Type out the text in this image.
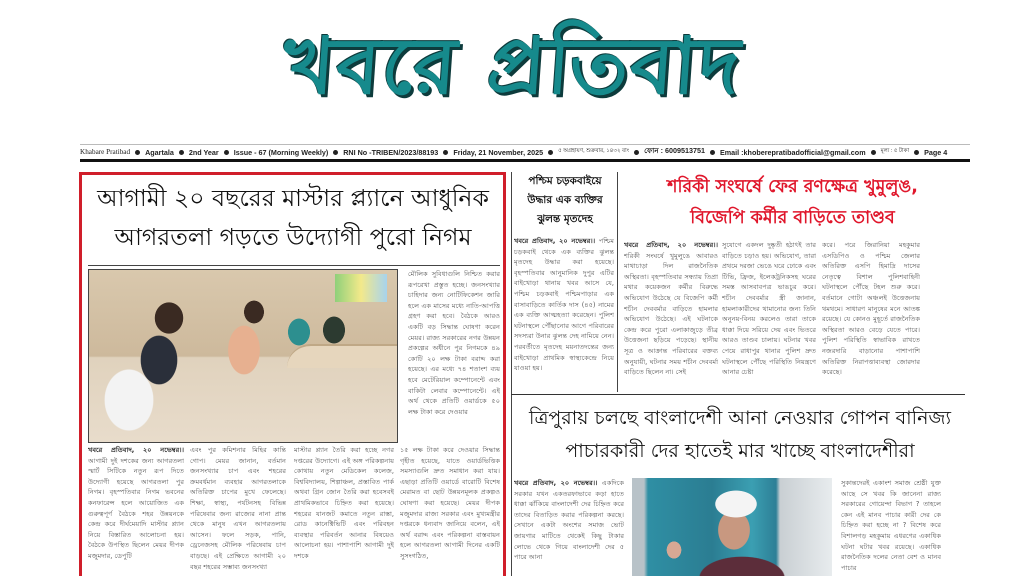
খবরে প্রতিবাদ
Khabare Pratibad Agartala 2nd Year Issue - 67 (Morning Weekly) RNI No -TRIBEN/2023/88193 Friday, 21 November, 2025	৫ অগ্রহায়ণ, শুক্রবার, ১৪৩২ বাং ফোন : 6009513751 Email :khoberepratibadofficial@gmail.com	মূল্য : ৫ টাকা Page 4
আগামী ২০ বছরের মাস্টার প্ল্যানে আধুনিক
আগরতলা গড়তে উদ্যোগী পুরো নিগম
মৌলিক সুবিধাগুলি নিশ্চিত করার রূপরেখা প্রস্তুত হচ্ছে। জনসংখ্যার চাহিদার জন্য নোটিফিকেশন জারি হলে এক মাসের মধ্যে নাতি-আপত্তি গ্রহণ করা হবে। বৈঠকে আরও একটি বড় সিদ্ধান্ত ঘোষণা করেন মেয়র। রাজ্য সরকারের নগর উন্নয়ন প্রকল্পের অধীনে পুর নিগমকে ৪৯ কোটি ২০ লক্ষ টাকা বরাদ্দ করা হয়েছে। এর মধ্যে ৭৪ শতাংশ ব্যয় হবে মেটেরিয়াল কম্পোনেন্টে এবং বাকিটা লেবার কম্পোনেন্টে। এই অর্থ থেকে প্রতিটি ওয়ার্ডকে ৫০ লক্ষ টাকা করে দেওয়ার
খবরে প্রতিবাদ, ২০ নভেম্বর।। আগামী দুই দশকের জন্য আগরতলা স্মার্ট সিটিকে নতুন রূপ দিতে উদ্যোগী হয়েছে আগরতলা পুর নিগম। বৃহস্পতিবার নিগম ভবনের কনফারেন্স হলে আয়োজিত এক গুরুত্বপূর্ণ বৈঠকে শহর উন্নয়নকে কেন্দ্র করে দীর্ঘমেয়াদি মাস্টার প্ল্যান নিয়ে বিস্তারিত আলোচনা হয়। বৈঠকে উপস্থিত ছিলেন মেয়র দীপক মজুমদার, ডেপুটি
এবং পুর কমিশনার মিহির কান্তি গোপ। মেয়র জানান, বর্তমান জনসংখ্যার চাপ এবং শহরের ক্রমবর্ধমান ব্যবহার আগরতলাকে অতিরিক্ত চাপের মুখে ফেলেছে। শিক্ষা, স্বাস্থ্য, পর্যটনসহ বিভিন্ন পরিষেবার জন্য রাজ্যের নানা প্রান্ত থেকে মানুষ এখন আগরতলায় আসেন। ফলে সড়ক, পানি, ড্রেনেজসহ মৌলিক পরিষেবায় চাপ বাড়ছে। এই প্রেক্ষিতে আগামী ২০ বছর শহরের সম্ভাব্য জনসংখ্যা
মাস্টার প্ল্যান তৈরি করা হচ্ছে নগর দপ্তরের উদ্যোগে। এই অঙ্গ পরিকল্পনায় কোথায় নতুন মেডিকেল কলেজ, বিশ্ববিদ্যালয়, শিল্পাঞ্চল, প্রস্তাবিত পার্ক অথবা গ্রিন জোন তৈরি করা হবেসবই প্রাথমিকভাবে চিহ্নিত করা হয়েছে। শহরের যানজট কমাতে নতুন রাস্তা, রোড কানেক্টিভিটি এবং পরিবহন ব্যবস্থার পরিবর্তন আনার বিষয়েও আলোচনা হয়। পাশাপাশি আগামী দুই দশকে
১৫ লক্ষ টাকা করে দেওয়ার সিদ্ধান্ত গৃহীত হয়েছে, যাতে ওয়ার্ডভিত্তিক সমস্যাগুলি দ্রুত সমাধান করা যায়। এছাড়া প্রতিটি ওয়ার্ডে বারোটি বিশেষ মেরামত বা ছোট উন্নয়নমূলক প্রকল্পও ঘোষণা করা হয়েছে। মেয়র দীপক মজুমদার রাজ্য সরকার এবং মুখ্যমন্ত্রীর দপ্তরকে ধন্যবাদ জানিয়ে বলেন, এই অর্থ বরাদ্দ এবং পরিকল্পনা বাস্তবায়ন হলে আগরতলা আগামী দিনের একটি সুসংগঠিত,
পশ্চিম চড়কবাইয়ে
উদ্ধার এক ব্যক্তির
ঝুলন্ত মৃতদেহ
খবরে প্রতিবাদ, ২০ নভেম্বর।। পশ্চিম চড়কবাই থেকে এক ব্যক্তির ঝুলন্ত মৃতদেহ উদ্ধার করা হয়েছে। বৃহস্পতিবার আনুমানিক দুপুর এটির বাইখোড়া থানায় খবর আসে যে, পশ্চিম চড়কবাই পশ্চিমপাড়ার এক বাসাবাড়িতে কার্তিক দাস (৪৫) নামের এক ব্যক্তি আত্মহত্যা করেছেন। পুলিশ ঘটনাস্থলে পৌঁছানোর আগে পরিবারের সদস্যরা উনার ঝুলন্ত দেহ নামিয়ে নেন। পরবর্তীতে মৃতদেহ ময়নাতদন্তের জন্য বাইখোড়া প্রাথমিক স্বাস্থ্যকেন্দ্রে নিয়ে যাওয়া হয়।
শরিকী সংঘর্ষে ফের রণক্ষেত্র খুমুলুঙ,
বিজেপি কর্মীর বাড়িতে তাণ্ডব
খবরে প্রতিবাদ, ২০ নভেম্বর।। শরিকী সংঘর্ষে খুমুলুঙে আবারও মাথাচাড়া দিল রাজনৈতিক অস্থিরতা। বৃহস্পতিবার সন্ধ্যায় তিপ্রা মথার কয়েকজন কর্মীর বিরুদ্ধে অভিযোগ উঠেছে যে বিজেপি কর্মী শচীন দেববর্মার বাড়িতে হামলার অভিযোগ উঠেছে। এই ঘটনাকে কেন্দ্র করে পুরো এলাকাজুড়ে তীব্র উত্তেজনা ছড়িয়ে পড়েছে। স্থানীয় সূত্র ও আক্রান্ত পরিবারের বক্তব্য অনুযায়ী, ঘটনার সময় শচীন দেববর্মা বাড়িতে ছিলেন না। সেই
সুযোগে একদল দুষ্কৃতী হঠাৎই তার বাড়িতে চড়াও হয়। অভিযোগ, তারা প্রথমে দরজা ভেঙে ঘরে ঢোকে এবং টিভি, ফ্রিজ, ইলেকট্রনিকসহ ঘরের সমস্ত আসবাবপত্র ভাঙচুর করে। শচীন দেববর্মার স্ত্রী জানান, হামলাকারীদের থামানোর জন্য তিনি অনুনয়-বিনয় করলেও তারা তাকে ধাক্কা দিয়ে সরিয়ে দেয় এবং ভিতরে আরও তাণ্ডব চালায়। ঘটনার খবর পেয়ে রাধাপুর থানার পুলিশ দ্রুত ঘটনাস্থলে পৌঁছে পরিস্থিতি নিয়ন্ত্রণে আনার চেষ্টা
করে। পরে জিরানিয়া মহকুমার এসডিপিও ও পশ্চিম জেলার অতিরিক্ত এসপি হিমাদ্রি দাসের নেতৃত্বে বিশাল পুলিশবাহিনী ঘটনাস্থলে পৌঁছে টহল শুরু করে। বর্তমানে গোটা অঞ্চলই উত্তেজনায় থমথমে। সাধারণ মানুষের মনে আতঙ্ক রয়েছে। যে কোনও মুহূর্তে রাজনৈতিক অস্থিরতা আরও বেড়ে যেতে পারে। পুলিশ পরিস্থিতি স্বাভাবিক রাখতে নজরদারি বাড়ানোর পাশাপাশি অতিরিক্ত নিরাপত্তাব্যবস্থা জোরদার করেছে।
ত্রিপুরায় চলছে বাংলাদেশী আনা নেওয়ার গোপন বানিজ্য
পাচারকারী দের হাতেই মার খাচ্ছে বাংলাদেশীরা
খবরে প্রতিবাদ, ২০ নভেম্বর।। একদিকে সরকার যখন একতরফাভাবে কড়া হাতে ধাক্কা ঝাঁকিয়ে বাংলাদেশী দের চিহ্নিত করে তাদের বিতাড়িত করার পরিকল্পনা করছে। সেখানে একটা অংশের সমাজ ভোট জায়গার মাটিতে থেকেই কিছু টাকার লোভে থেকে গিয়ে বাংলাদেশী দের ৫ পারে আনা
সুকান্তদেরই একাংশ সমাজ শ্রেষ্ঠী যুক্ত আছে সে খবর কি জানেনা রাজ্য সরকারের গোয়েন্দা বিভাগ ? তাহলে কেন এই মানব পাচার কারী দের কে চিহ্নিত করা হচ্ছে না ? বিশেষ করে বিশালগড় মহকুমায় এধরণের একাধিক ঘটনা ঘটার খবর রয়েছে। একাধিক রাজনৈতিক দলের নেতা বেশ ও মানব পাচার
